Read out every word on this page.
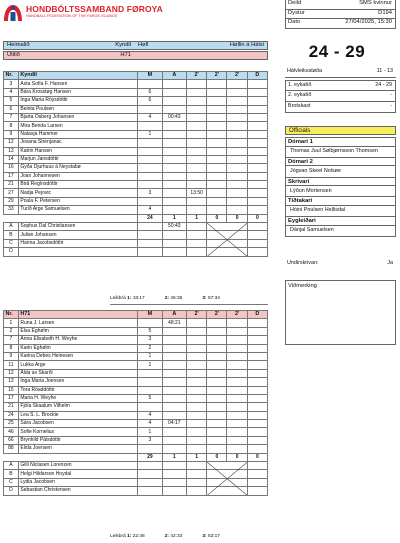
HONDBÓLTSSAMBAND FØROYA
HANDBALL FEDERATION OF THE FAROE ISLANDS
Deild	SMS kvinnur
Dystur	D194
Dato	27/04/2025, 15:30
Heimalið	Kyndil	Høll	Høllin á Hálsi
Útilið	H71	24 - 29
Hálvleiksstøða	11 - 13
1. eykatíð	24 - 29
2. eykatíð	-
Brotskast	-
Officials
Dómari 1
Thomas Juul Sølbjørnsson Thomsen
Dómari 2
Jógvan Skeel Nolsøe
Skrivari
Lýðun Mortensen
Tíðtakari
Hóini Poulsen Hellisdal
Eygleiðari
Dánjal Samuelsen
Undirskrivan:	Ja
Viðmerking
Nr.	Kyndil	M	Á	2'	2'	2'	D
3	Asta Sofía F. Hansen						
4	Bára Krosstøg Hansen	6					
5	Inga Maria Róysdóttir	6					
6	Beinta Poulsen						
7	Bjarta Osberg Johansen	4	00:43				
8	Mira Benda Larsen						
9	Natasja Hammer	1					
12	Jovana Strenjanac						
13	Katrin Hansen						
14	Marjun Jansdóttir						
16	Gyða Djurhuus á Neystabø						
17	Joan Johannesen						
21	Birã Regínsdóttir						
27	Nadja Pejovic	3		13:50			
29	Poula F. Petersen						
33	Turið Arge Samuelsen	4					
		24	1	1	0	0	0
A	Sophus Dal Christiansen		50:43				
B	Julian Johansen						
C	Hanna Jacobsdóttir						
D							
Leikbrá 1: 18:17	2: 46:35	3: 57:34
Nr.	H71	M	Á	2'	2'	2'	D
1	Runa J. Larsen		48:21				
2	Elsa Eghølm	5					
7	Anna Elisabeth H. Weyhe	3					
8	Karin Eghølm	2					
9	Karina Debes Heinesen	1					
11	Lukka Arge	1					
12	Alda av Skarði						
13	Inga Maria Joensen						
15	Tora Róaddóttir						
17	Maria H. Weyhe	5					
21	Fjóla Skaalum Vilhelm						
24	Lea S. L. Brockie	4					
25	Sára Jacobsen	4	04:17				
46	Sofie Kornelius	1					
66	Brynhild Pálsdóttir	3					
88	Elida Joensen						
		29	1	1	0	0	0
A	Gilli Niclasen Lorenzen						
B	Helgi Hildarson Hoydal						
C	Lydia Jacobsen						
D	Sebastian Christensen						
Leikbrá 1: 22:48	2: 42:33	3: 53:17
